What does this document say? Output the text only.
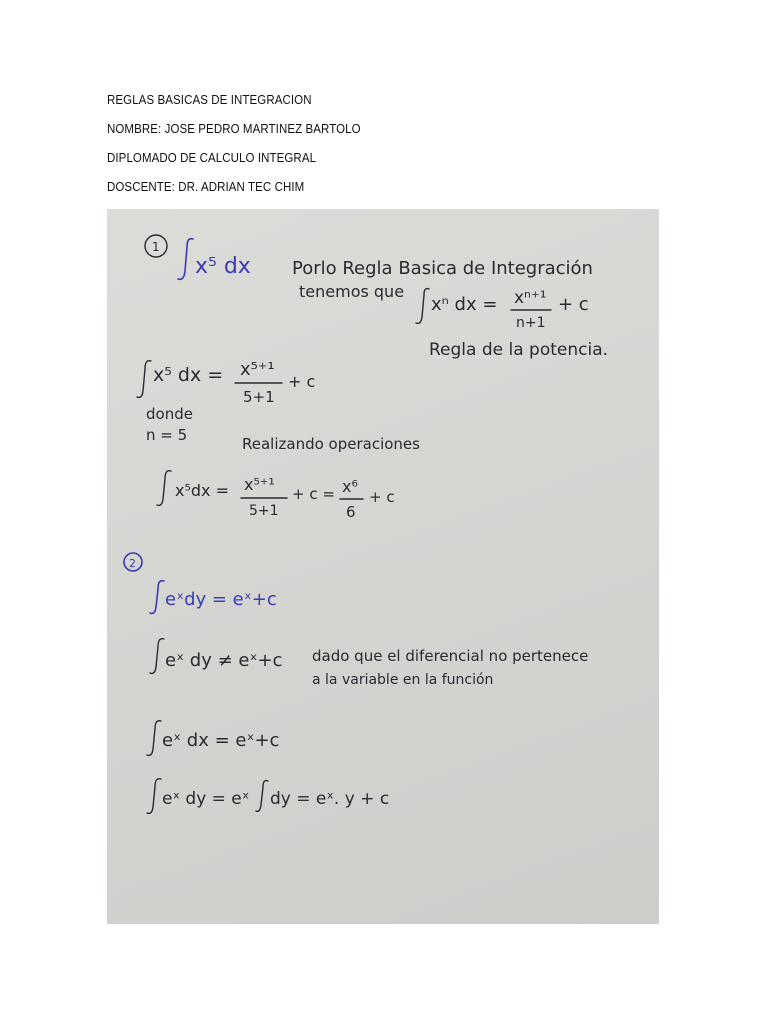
REGLAS BASICAS DE INTEGRACION
NOMBRE: JOSE PEDRO MARTINEZ BARTOLO
DIPLOMADO DE CALCULO INTEGRAL
DOSCENTE: DR. ADRIAN TEC CHIM
1
x⁵ dx Porlo Regla Basica de Integración
tenemos que
xⁿ dx = xⁿ⁺¹
n+1
+ c
Regla de la potencia.
x⁵ dx = x⁵⁺¹
5+1
+ c
donde
n = 5	Realizando operaciones
x⁵dx = x⁵⁺¹
5+1
+ c = x⁶
6
+ c
2
eˣdy = eˣ+c
eˣ dy ≠ eˣ+c dado que el diferencial no pertenece
a la variable en la función
eˣ dx = eˣ+c
eˣ dy = eˣ dy = eˣ. y + c
